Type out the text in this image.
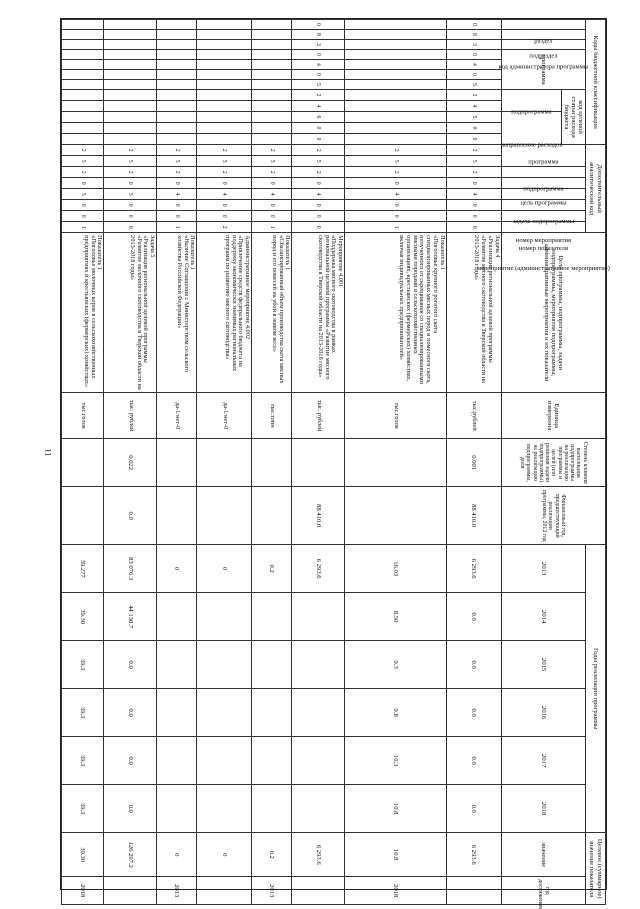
11
Коды бюджетной классификации												Дополнительный аналитический код								Цели программы, подпрограммы, задачи подпрограммы, мероприятия подпрограммы, административные мероприятия и их показатели	Единица измерения	Степень влияния выполнения подпрограммы на реализацию программы и целей (или решения задачи подпрограммы) на реализацию подпрограммы, доля	Финансовый год, предшествующий реализации программы, 2012 год	Годы реализации программы						Целевое (суммарное) значение показателя	
код администратора программы	раздел	подраздел	программа				код целевой статьи расхода бюджета					программа		подпрограмма	цель программы	задача подпрограммы	мероприятие (административное мероприятие)	номер мероприятия	номер показателя					2013	2014	2015	2016	2017	2018	значение	год достижения
							подпрограмма		направление расходов																						
0	8	3	0	4	0	5	2	4	5	0	0	2	5	2	0	4	0	0	0	Задача 4
«Реализация региональной целевой программы «Развитие мясного скотоводства в Тверской области на 2013-2018 годы»	тыс.рублей	0.001	88 410.0	6 293.6	0.0	0.0	0.0	0.0	0.0	6 293.6	
												2	5	2	0	4	0	0	1	Показатель 1
«Поголовье крупного рогатого скота специализированных мясных пород и помесного скота, полученного от скрещивания со специализированными мясными породами в сельскохозяйственных организациях, крестьянских (фермерских) хозяйствах, включая индивидуальных предпринимателей»	тыс.голов			16.03	8.50	9.3	9.8	10.3	10.8	10.8	2018
0	8	3	0	4	0	5	2	4	6	0	0	2	5	2	0	4	0	0	0	Мероприятие 4.001
«Поддержка мясного скотоводства в рамках региональной целевой программы «Развитие мясного скотоводства в Тверской области на 2013-2018 годы»	тыс. рублей		88 410.0	6 293.6						6 293.6	
												2	5	2	0	4	0	0	1	Показатель 1
«Сбалансированный объем производства скота мясных пород и его помесей на убой в живом весе»	тыс.тонн			0.2						0.2	2013
												2	5	2	0	4	0	0	2	Административное мероприятие 4.002
«Привлечение средств федерального бюджета на поддержку экономически значимых региональных программ по развитию мясного скотоводства»	да-1/нет-0			0						0	
												2	5	2	0	4	0	0	1	Показатель 1
«Наличие Соглашения с Министерством сельского хозяйства Российской Федерации»	да-1/нет-0			0						0	2013
												2	5	2	0	5	0	0	0	Задача 5
«Реализация региональной целевой программы «Развитие молочного скотоводства в Тверской области на 2013-2018 годы»	тыс. рублей	0.022	0.0	83 076.3	44 130.7	0.0	0.0	0.0	0.0	126 207.2	
												2	5	2	0	5	0	0	1	Показатель 1
«Поголовье молочных коров в сельскохозяйственных предприятиях и крестьянских (фермерских) хозяйствах»	тыс.голов			39.277	39.30	39.3	39.3	39.3	39.3	39.30	2018
